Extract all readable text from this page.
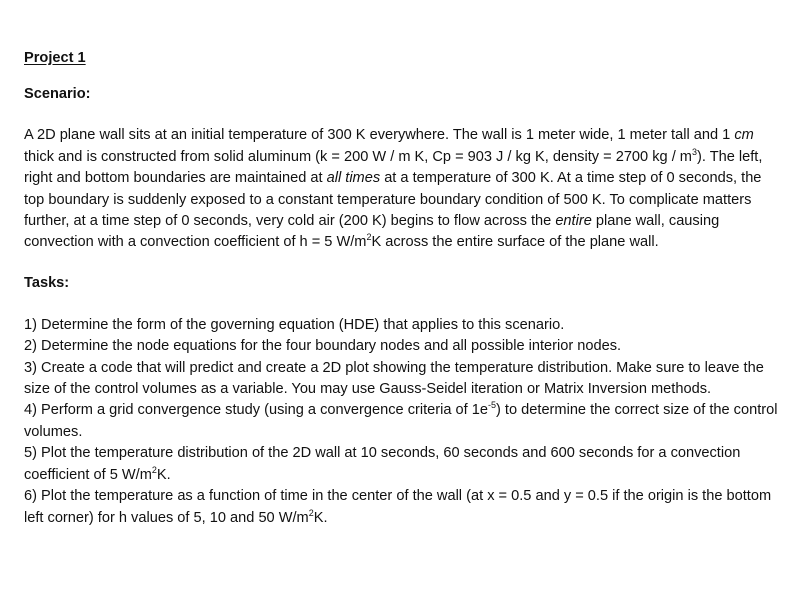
Project 1
Scenario:
A 2D plane wall sits at an initial temperature of 300 K everywhere. The wall is 1 meter wide, 1 meter tall and 1 cm thick and is constructed from solid aluminum (k = 200 W / m K, Cp = 903 J / kg K, density = 2700 kg / $m^3$). The left, right and bottom boundaries are maintained at all times at a temperature of 300 K. At a time step of 0 seconds, the top boundary is suddenly exposed to a constant temperature boundary condition of 500 K. To complicate matters further, at a time step of 0 seconds, very cold air (200 K) begins to flow across the entire plane wall, causing convection with a convection coefficient of h = 5 $W/m^2K$ across the entire surface of the plane wall.
Tasks:
1) Determine the form of the governing equation (HDE) that applies to this scenario.
2) Determine the node equations for the four boundary nodes and all possible interior nodes.
3) Create a code that will predict and create a 2D plot showing the temperature distribution. Make sure to leave the size of the control volumes as a variable. You may use Gauss-Seidel iteration or Matrix Inversion methods.
4) Perform a grid convergence study (using a convergence criteria of $1e^{-5}$) to determine the correct size of the control volumes.
5) Plot the temperature distribution of the 2D wall at 10 seconds, 60 seconds and 600 seconds for a convection coefficient of 5 $W/m^2K$.
6) Plot the temperature as a function of time in the center of the wall (at x = 0.5 and y = 0.5 if the origin is the bottom left corner) for h values of 5, 10 and 50 $W/m^2K$.
